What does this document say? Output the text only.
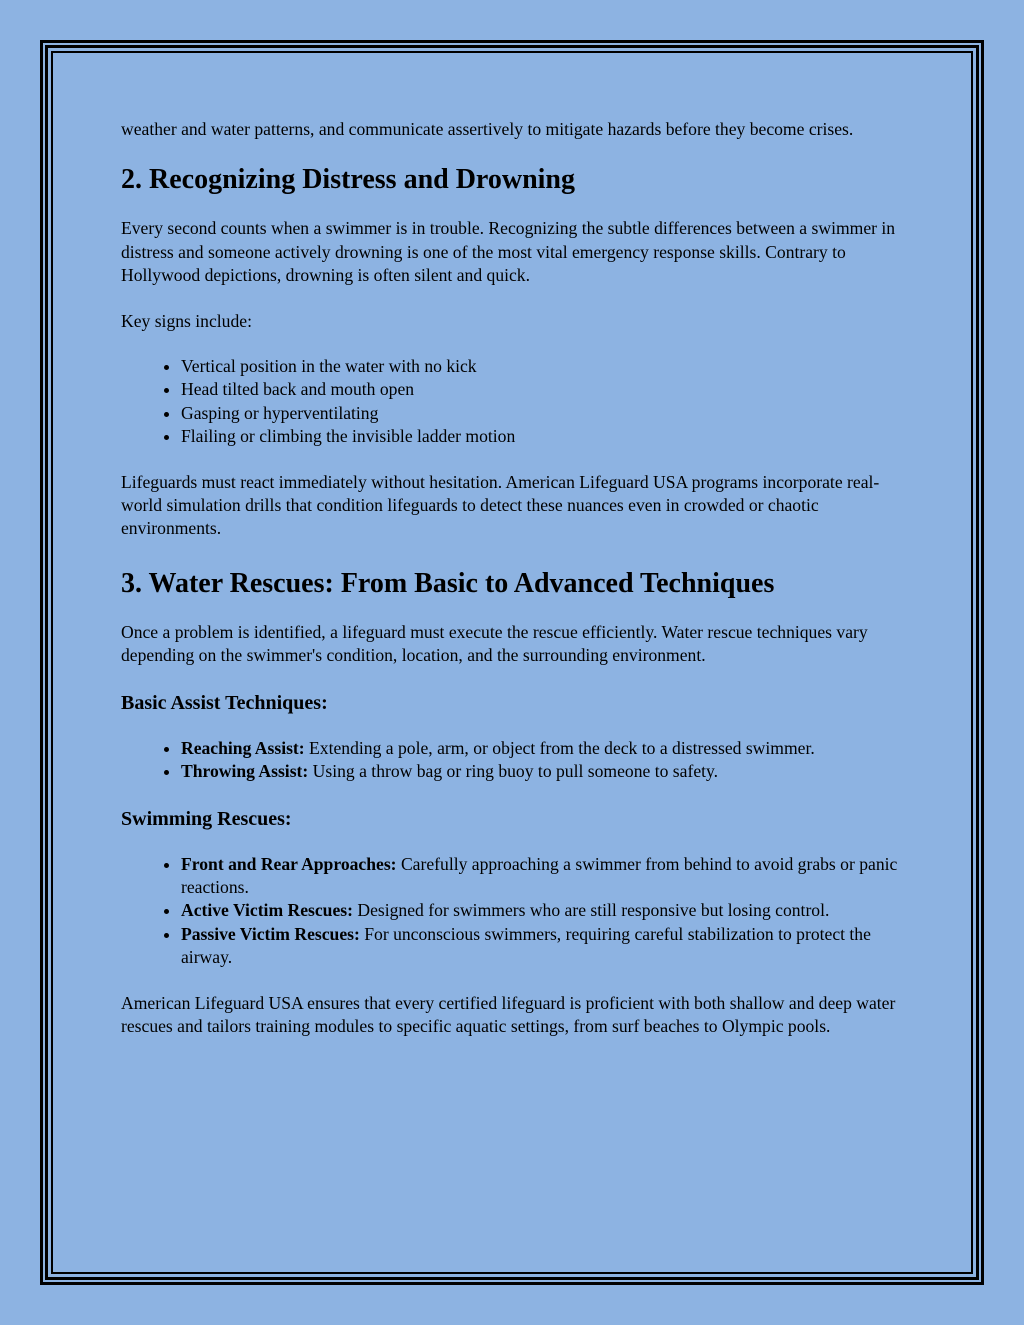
weather and water patterns, and communicate assertively to mitigate hazards before they become crises.

2. Recognizing Distress and Drowning

Every second counts when a swimmer is in trouble. Recognizing the subtle differences between a swimmer in distress and someone actively drowning is one of the most vital emergency response skills. Contrary to Hollywood depictions, drowning is often silent and quick.

Key signs include:

• Vertical position in the water with no kick
• Head tilted back and mouth open
• Gasping or hyperventilating
• Flailing or climbing the invisible ladder motion

Lifeguards must react immediately without hesitation. American Lifeguard USA programs incorporate real-world simulation drills that condition lifeguards to detect these nuances even in crowded or chaotic environments.

3. Water Rescues: From Basic to Advanced Techniques

Once a problem is identified, a lifeguard must execute the rescue efficiently. Water rescue techniques vary depending on the swimmer's condition, location, and the surrounding environment.

Basic Assist Techniques:
• Reaching Assist: Extending a pole, arm, or object from the deck to a distressed swimmer.
• Throwing Assist: Using a throw bag or ring buoy to pull someone to safety.
Swimming Rescues:
• Front and Rear Approaches: Carefully approaching a swimmer from behind to avoid grabs or panic reactions.
• Active Victim Rescues: Designed for swimmers who are still responsive but losing control.
• Passive Victim Rescues: For unconscious swimmers, requiring careful stabilization to protect the airway.

American Lifeguard USA ensures that every certified lifeguard is proficient with both shallow and deep water rescues and tailors training modules to specific aquatic settings, from surf beaches to Olympic pools.
